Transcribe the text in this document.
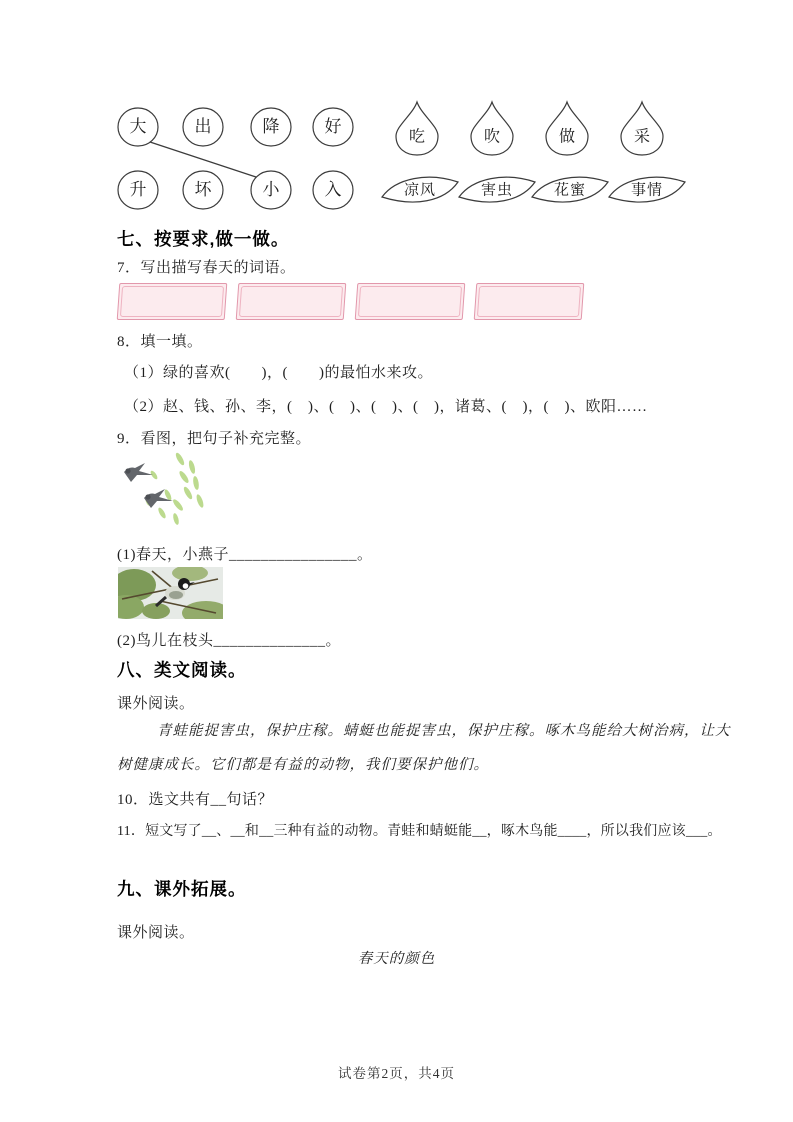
大	出	降	好
吃	吹	做	采
升	坏	小	入	凉风	害虫	花蜜	事情
七、按要求,做一做。
7．写出描写春天的词语。
8．填一填。
（1）绿的喜欢(　　)，(　　)的最怕水来攻。
（2）赵、钱、孙、李，(　)、(　)、(　)、(　)，诸葛、(　)，(　)、欧阳……
9．看图，把句子补充完整。
(1)春天，小燕子________________。
(2)鸟儿在枝头______________。
八、类文阅读。
课外阅读。
青蛙能捉害虫，保护庄稼。蜻蜓也能捉害虫，保护庄稼。啄木鸟能给大树治病，让大
树健康成长。它们都是有益的动物，我们要保护他们。
10．选文共有__句话？
11．短文写了__、__和__三种有益的动物。青蛙和蜻蜓能__，啄木鸟能____，所以我们应该___。
九、课外拓展。
课外阅读。
春天的颜色
试卷第2页，共4页
